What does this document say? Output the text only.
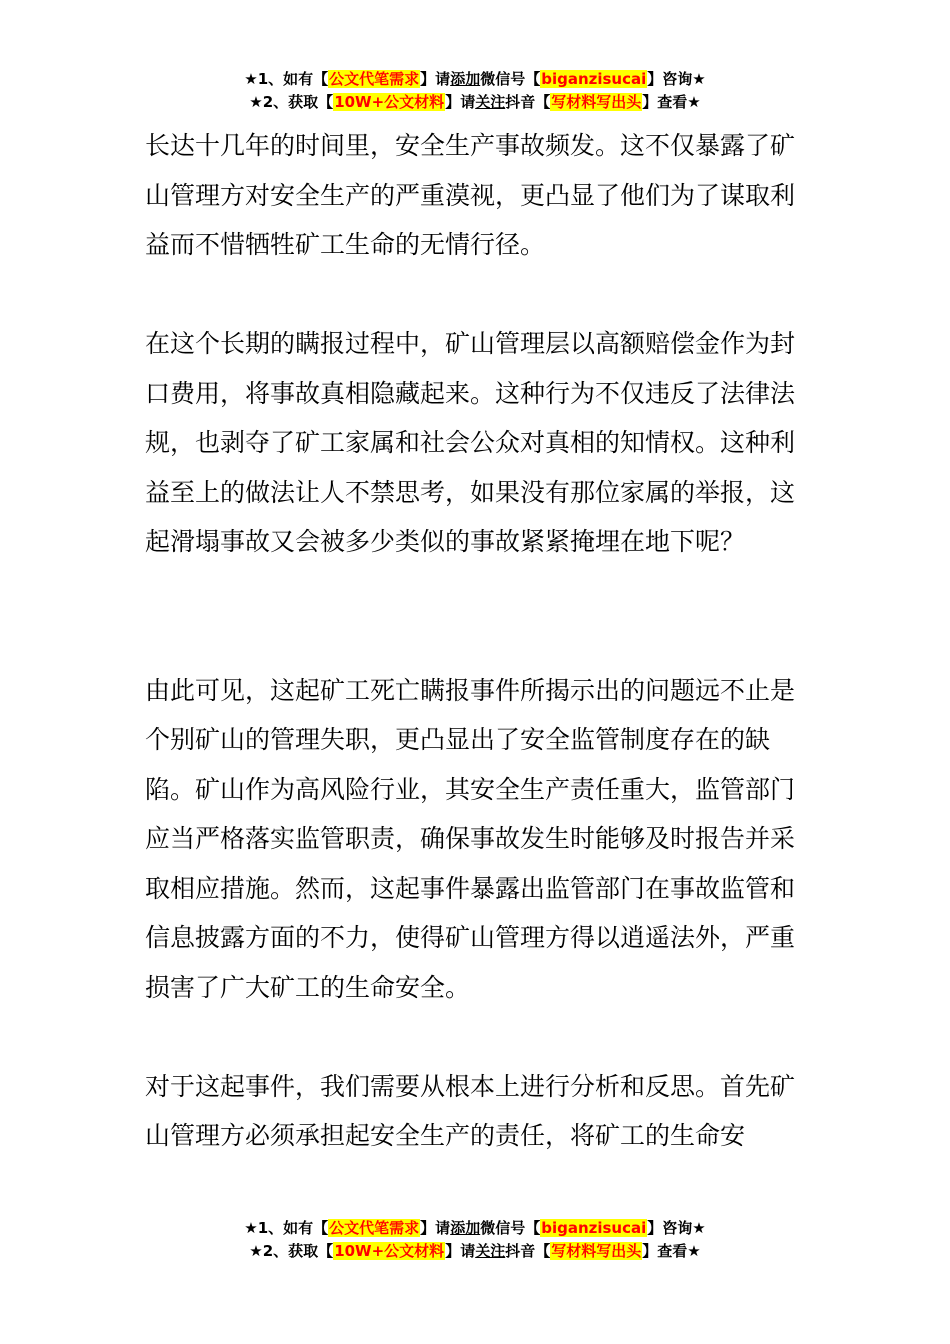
★1、如有【公文代笔需求】请添加微信号【biganzisucai】咨询★
★2、获取【10W+公文材料】请关注抖音【写材料写出头】查看★

长达十几年的时间里，安全生产事故频发。这不仅暴露了矿山管理方对安全生产的严重漠视，更凸显了他们为了谋取利益而不惜牺牲矿工生命的无情行径。

在这个长期的瞒报过程中，矿山管理层以高额赔偿金作为封口费用，将事故真相隐藏起来。这种行为不仅违反了法律法规，也剥夺了矿工家属和社会公众对真相的知情权。这种利益至上的做法让人不禁思考，如果没有那位家属的举报，这起滑塌事故又会被多少类似的事故紧紧掩埋在地下呢？

由此可见，这起矿工死亡瞒报事件所揭示出的问题远不止是个别矿山的管理失职，更凸显出了安全监管制度存在的缺陷。矿山作为高风险行业，其安全生产责任重大，监管部门应当严格落实监管职责，确保事故发生时能够及时报告并采取相应措施。然而，这起事件暴露出监管部门在事故监管和信息披露方面的不力，使得矿山管理方得以逍遥法外，严重损害了广大矿工的生命安全。

对于这起事件，我们需要从根本上进行分析和反思。首先矿山管理方必须承担起安全生产的责任，将矿工的生命安

★1、如有【公文代笔需求】请添加微信号【biganzisucai】咨询★
★2、获取【10W+公文材料】请关注抖音【写材料写出头】查看★
